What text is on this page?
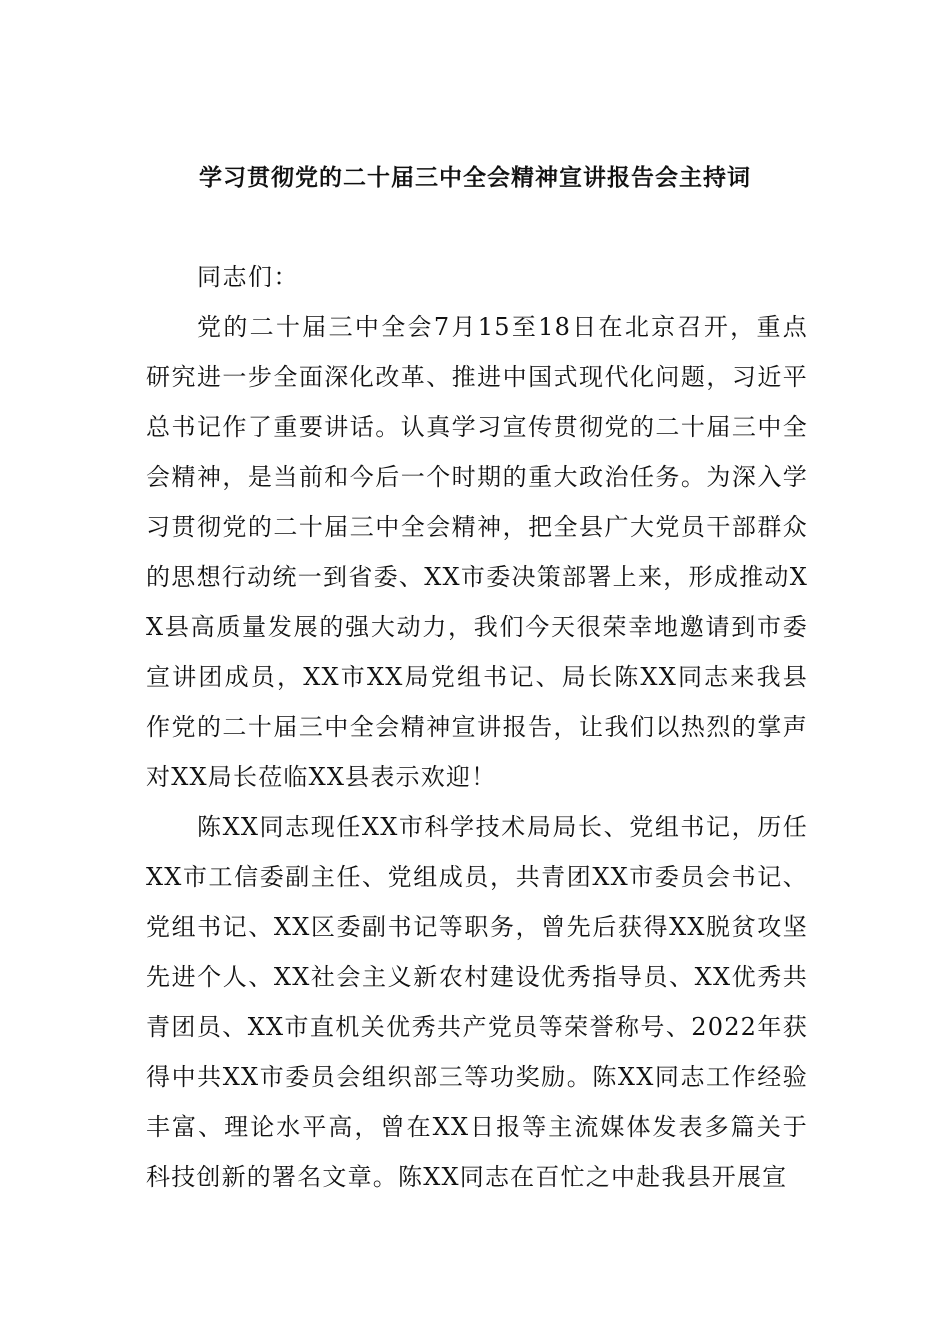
学习贯彻党的二十届三中全会精神宣讲报告会主持词

同志们：

党的二十届三中全会7月15至18日在北京召开，重点研究进一步全面深化改革、推进中国式现代化问题，习近平总书记作了重要讲话。认真学习宣传贯彻党的二十届三中全会精神，是当前和今后一个时期的重大政治任务。为深入学习贯彻党的二十届三中全会精神，把全县广大党员干部群众的思想行动统一到省委、XX市委决策部署上来，形成推动XX县高质量发展的强大动力，我们今天很荣幸地邀请到市委宣讲团成员，XX市XX局党组书记、局长陈XX同志来我县作党的二十届三中全会精神宣讲报告，让我们以热烈的掌声对XX局长莅临XX县表示欢迎！

陈XX同志现任XX市科学技术局局长、党组书记，历任XX市工信委副主任、党组成员，共青团XX市委员会书记、党组书记、XX区委副书记等职务，曾先后获得XX脱贫攻坚先进个人、XX社会主义新农村建设优秀指导员、XX优秀共青团员、XX市直机关优秀共产党员等荣誉称号、2022年获得中共XX市委员会组织部三等功奖励。陈XX同志工作经验丰富、理论水平高，曾在XX日报等主流媒体发表多篇关于科技创新的署名文章。陈XX同志在百忙之中赴我县开展宣
